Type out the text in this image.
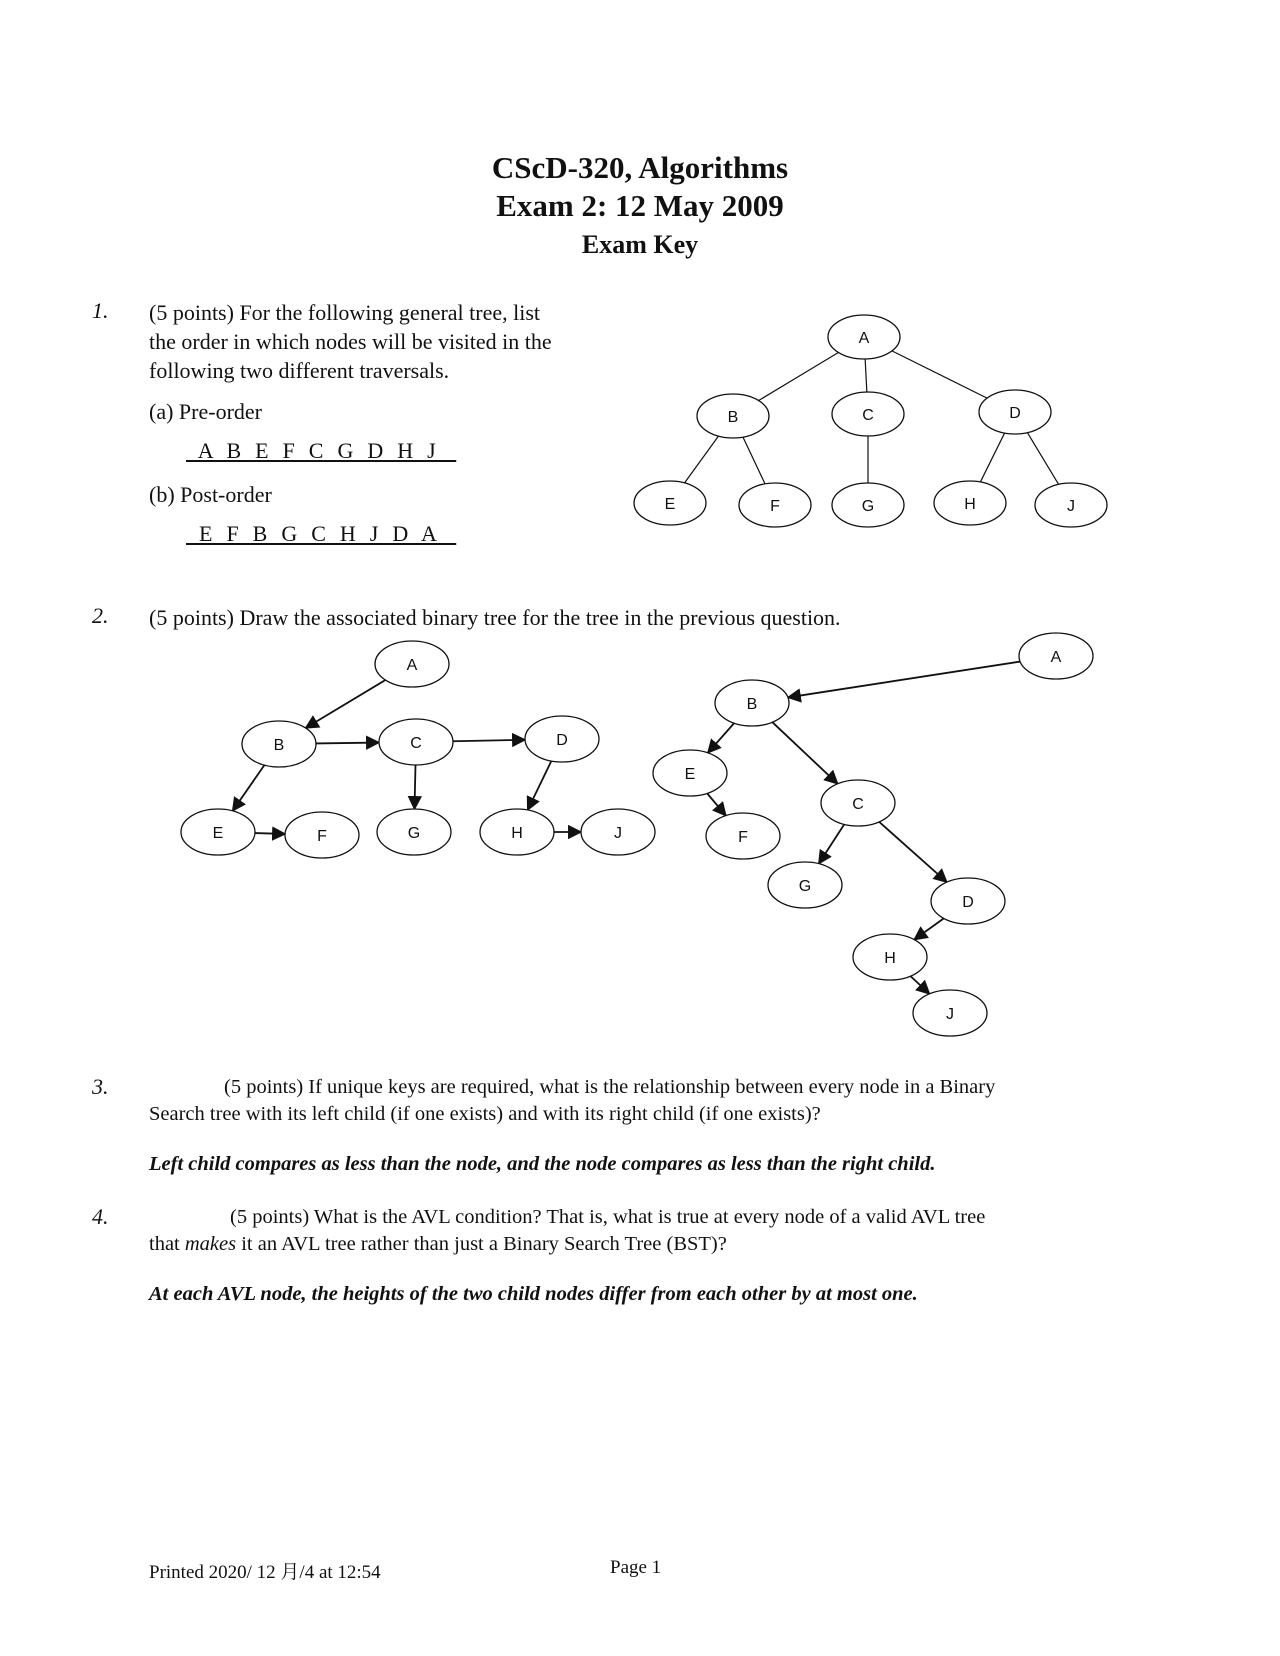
CScD-320, Algorithms
Exam 2: 12 May 2009
Exam Key
1. (5 points) For the following general tree, list
the order in which nodes will be visited in the
following two different traversals.
(a) Pre-order
A  B  E  F  C  G  D  H  J
(b) Post-order
E  F  B  G  C  H  J  D  A
2. (5 points) Draw the associated binary tree for the tree in the previous question.
3.	(5 points) If unique keys are required, what is the relationship between every node in a Binary
Search tree with its left child (if one exists) and with its right child (if one exists)?
Left child compares as less than the node, and the node compares as less than the right child.
4.	(5 points) What is the AVL condition? That is, what is true at every node of a valid AVL tree
that makes it an AVL tree rather than just a Binary Search Tree (BST)?
At each AVL node, the heights of the two child nodes differ from each other by at most one.
Printed 2020/ 12 月/4 at 12:54	Page 1
A
B	C	D
E	F	G	H	J
A
B	C	D
E	F	G	H	J
A
B
E
F
C
G
D
H
J
